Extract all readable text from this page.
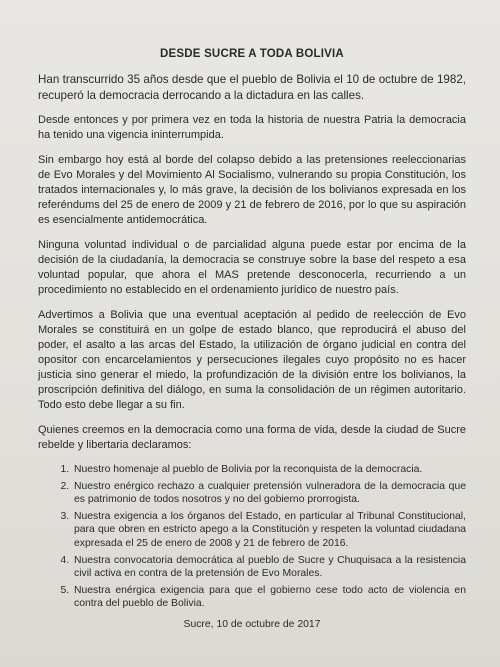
DESDE SUCRE A TODA BOLIVIA

Han transcurrido 35 años desde que el pueblo de Bolivia el 10 de octubre de 1982, recuperó la democracia derrocando a la dictadura en las calles.

Desde entonces y por primera vez en toda la historia de nuestra Patria la democracia ha tenido una vigencia ininterrumpida.

Sin embargo hoy está al borde del colapso debido a las pretensiones reeleccionarias de Evo Morales y del Movimiento Al Socialismo, vulnerando su propia Constitución, los tratados internacionales y, lo más grave, la decisión de los bolivianos expresada en los referéndums del 25 de enero de 2009 y 21 de febrero de 2016, por lo que su aspiración es esencialmente antidemocrática.

Ninguna voluntad individual o de parcialidad alguna puede estar por encima de la decisión de la ciudadanía, la democracia se construye sobre la base del respeto a esa voluntad popular, que ahora el MAS pretende desconocerla, recurriendo a un procedimiento no establecido en el ordenamiento jurídico de nuestro país.

Advertimos a Bolivia que una eventual aceptación al pedido de reelección de Evo Morales se constituirá en un golpe de estado blanco, que reproducirá el abuso del poder, el asalto a las arcas del Estado, la utilización de órgano judicial en contra del opositor con encarcelamientos y persecuciones ilegales cuyo propósito no es hacer justicia sino generar el miedo, la profundización de la división entre los bolivianos, la proscripción definitiva del diálogo, en suma la consolidación de un régimen autoritario. Todo esto debe llegar a su fin.

Quienes creemos en la democracia como una forma de vida, desde la ciudad de Sucre rebelde y libertaria declaramos:

1. Nuestro homenaje al pueblo de Bolivia por la reconquista de la democracia.
2. Nuestro enérgico rechazo a cualquier pretensión vulneradora de la democracia que es patrimonio de todos nosotros y no del gobierno prorrogista.
3. Nuestra exigencia a los órganos del Estado, en particular al Tribunal Constitucional, para que obren en estricto apego a la Constitución y respeten la voluntad ciudadana expresada el 25 de enero de 2008 y 21 de febrero de 2016.
4. Nuestra convocatoria democrática al pueblo de Sucre y Chuquisaca a la resistencia civil activa en contra de la pretensión de Evo Morales.
5. Nuestra enérgica exigencia para que el gobierno cese todo acto de violencia en contra del pueblo de Bolivia.
Sucre, 10 de octubre de 2017
